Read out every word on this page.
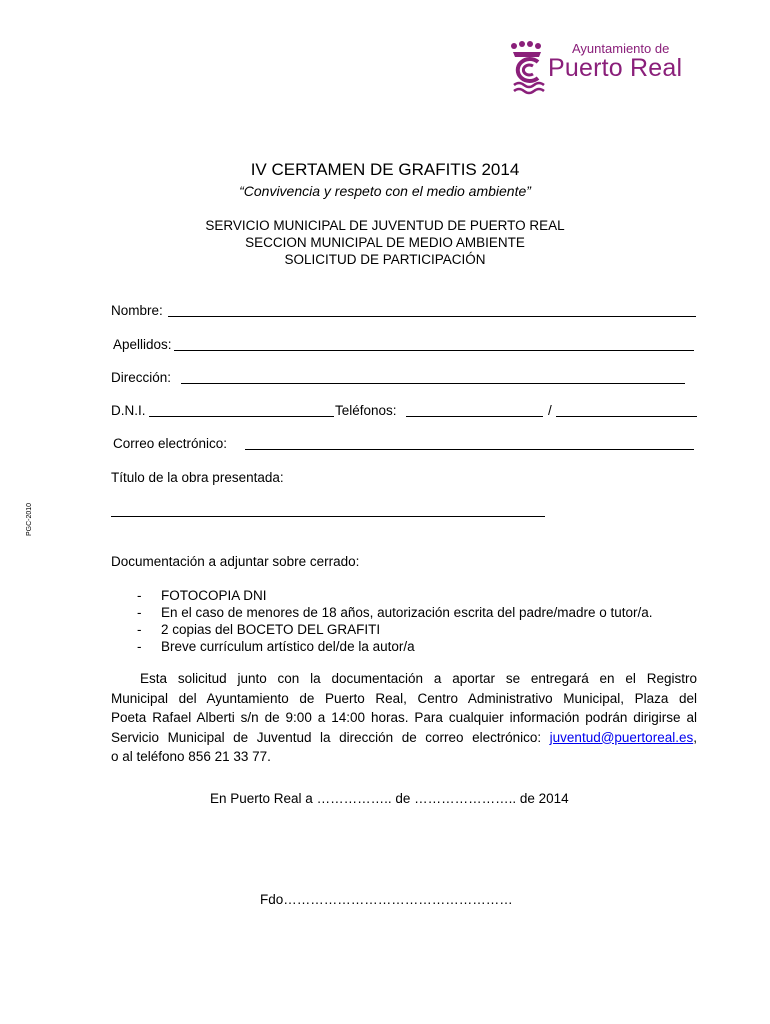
Ayuntamiento de
Puerto Real
IV CERTAMEN DE GRAFITIS 2014
“Convivencia y respeto con el medio ambiente”
SERVICIO MUNICIPAL DE JUVENTUD DE PUERTO REAL
SECCION MUNICIPAL DE MEDIO AMBIENTE
SOLICITUD DE PARTICIPACIÓN
Nombre:
Apellidos:
Dirección:
D.N.I.	Teléfonos:	/
Correo electrónico:
Título de la obra presentada:
PGC-2010
Documentación a adjuntar sobre cerrado:
- FOTOCOPIA DNI
- En el caso de menores de 18 años, autorización escrita del padre/madre o tutor/a.
- 2 copias del BOCETO DEL GRAFITI
- Breve currículum artístico del/de la autor/a
Esta solicitud junto con la documentación a aportar se entregará en el Registro
Municipal del Ayuntamiento de Puerto Real, Centro Administrativo Municipal, Plaza del
Poeta Rafael Alberti s/n de 9:00 a 14:00 horas. Para cualquier información podrán dirigirse al
Servicio Municipal de Juventud la dirección de correo electrónico: juventud@puertoreal.es,
o al teléfono 856 21 33 77.
En Puerto Real a …………….. de ………………….. de 2014
Fdo……………………………………………
